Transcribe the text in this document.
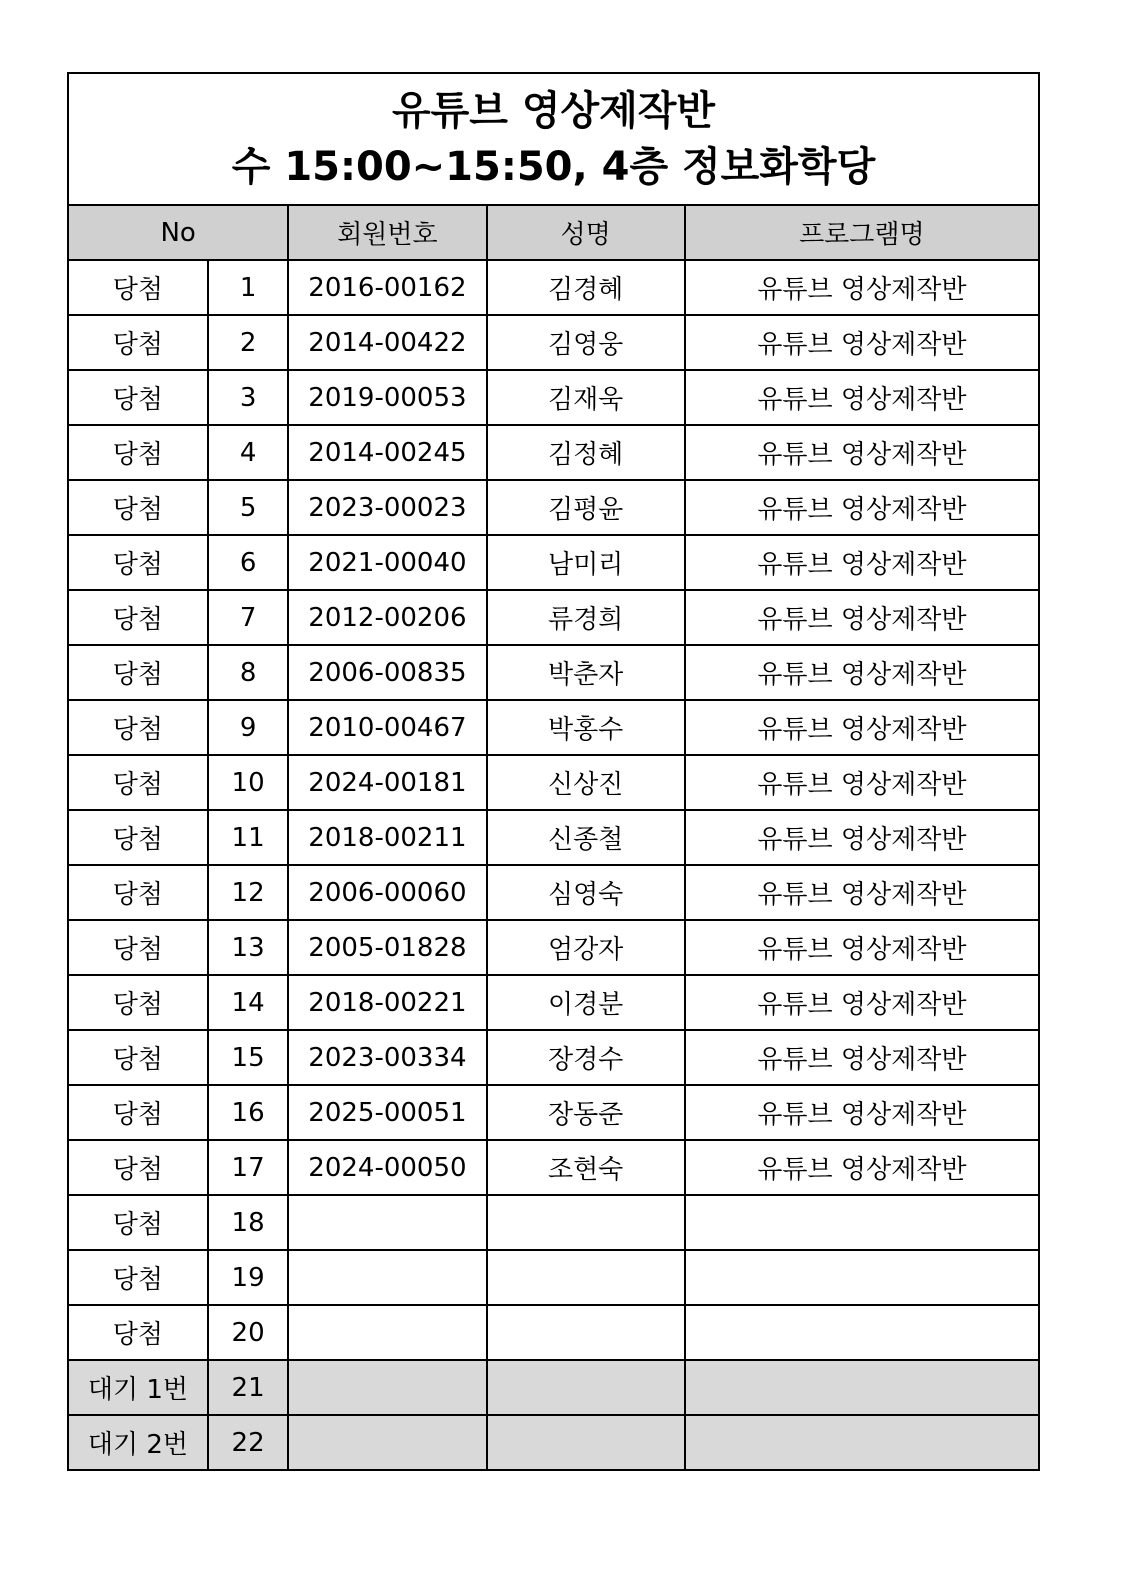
유튜브 영상제작반
수 15:00~15:50, 4층 정보화학당				

No		회원번호	성명	프로그램명
당첨	1	2016-00162	김경혜	유튜브 영상제작반
당첨	2	2014-00422	김영웅	유튜브 영상제작반
당첨	3	2019-00053	김재욱	유튜브 영상제작반
당첨	4	2014-00245	김정혜	유튜브 영상제작반
당첨	5	2023-00023	김평윤	유튜브 영상제작반
당첨	6	2021-00040	남미리	유튜브 영상제작반
당첨	7	2012-00206	류경희	유튜브 영상제작반
당첨	8	2006-00835	박춘자	유튜브 영상제작반
당첨	9	2010-00467	박홍수	유튜브 영상제작반
당첨	10	2024-00181	신상진	유튜브 영상제작반
당첨	11	2018-00211	신종철	유튜브 영상제작반
당첨	12	2006-00060	심영숙	유튜브 영상제작반
당첨	13	2005-01828	엄강자	유튜브 영상제작반
당첨	14	2018-00221	이경분	유튜브 영상제작반
당첨	15	2023-00334	장경수	유튜브 영상제작반
당첨	16	2025-00051	장동준	유튜브 영상제작반
당첨	17	2024-00050	조현숙	유튜브 영상제작반
당첨	18			
당첨	19			
당첨	20			
대기 1번	21			
대기 2번	22			
